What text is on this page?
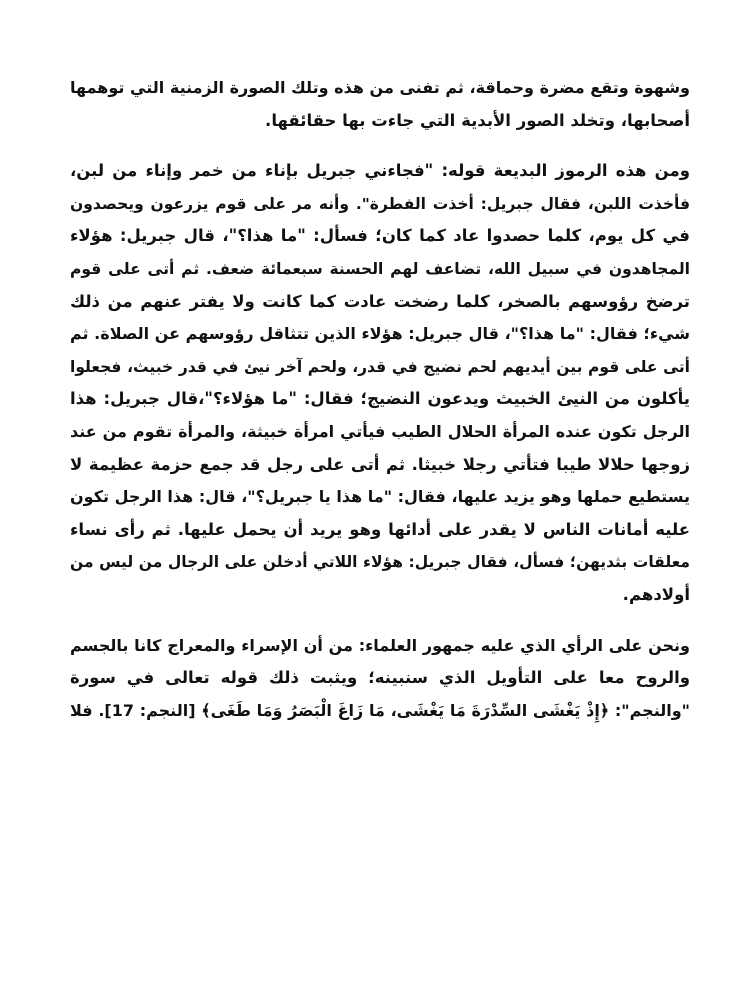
وشهوة وتقع مضرة وحماقة، ثم تفنى من هذه وتلك الصورة الزمنية التي توهمها
أصحابها، وتخلد الصور الأبدية التي جاءت بها حقائقها.
ومن هذه الرموز البديعة قوله: "فجاءني جبريل بإناء من خمر وإناء من لبن،
فأخذت اللبن، فقال جبريل: أخذت الفطرة". وأنه مر على قوم يزرعون ويحصدون
في كل يوم، كلما حصدوا عاد كما كان؛ فسأل: "ما هذا؟"، قال جبريل: هؤلاء
المجاهدون في سبيل الله، تضاعف لهم الحسنة سبعمائة ضعف. ثم أتى على قوم
ترضخ رؤوسهم بالصخر، كلما رضخت عادت كما كانت ولا يفتر عنهم من ذلك
شيء؛ فقال: "ما هذا؟"، قال جبريل: هؤلاء الذين تتثاقل رؤوسهم عن الصلاة. ثم
أتى على قوم بين أيديهم لحم نضيج في قدر، ولحم آخر نيئ في قدر خبيث، فجعلوا
يأكلون من النيئ الخبيث ويدعون النضيج؛ فقال: "ما هؤلاء؟"،قال جبريل: هذا
الرجل تكون عنده المرأة الحلال الطيب فيأتي امرأة خبيثة، والمرأة تقوم من عند
زوجها حلالا طيبا فتأتي رجلا خبيثا. ثم أتى على رجل قد جمع حزمة عظيمة لا
يستطيع حملها وهو يزيد عليها، فقال: "ما هذا يا جبريل؟"، قال: هذا الرجل تكون
عليه أمانات الناس لا يقدر على أدائها وهو يريد أن يحمل عليها. ثم رأى نساء
معلقات بثديهن؛ فسأل، فقال جبريل: هؤلاء اللاتي أدخلن على الرجال من ليس من
أولادهم.
ونحن على الرأي الذي عليه جمهور العلماء: من أن الإسراء والمعراج كانا بالجسم
والروح معا على التأويل الذي سنبينه؛ ويثبت ذلك قوله تعالى في سورة
"والنجم": ﴿إِذْ يَغْشَى السِّدْرَةَ مَا يَغْشَى، مَا زَاغَ الْبَصَرُ وَمَا طَغَى﴾ [النجم: 17]. فلا
